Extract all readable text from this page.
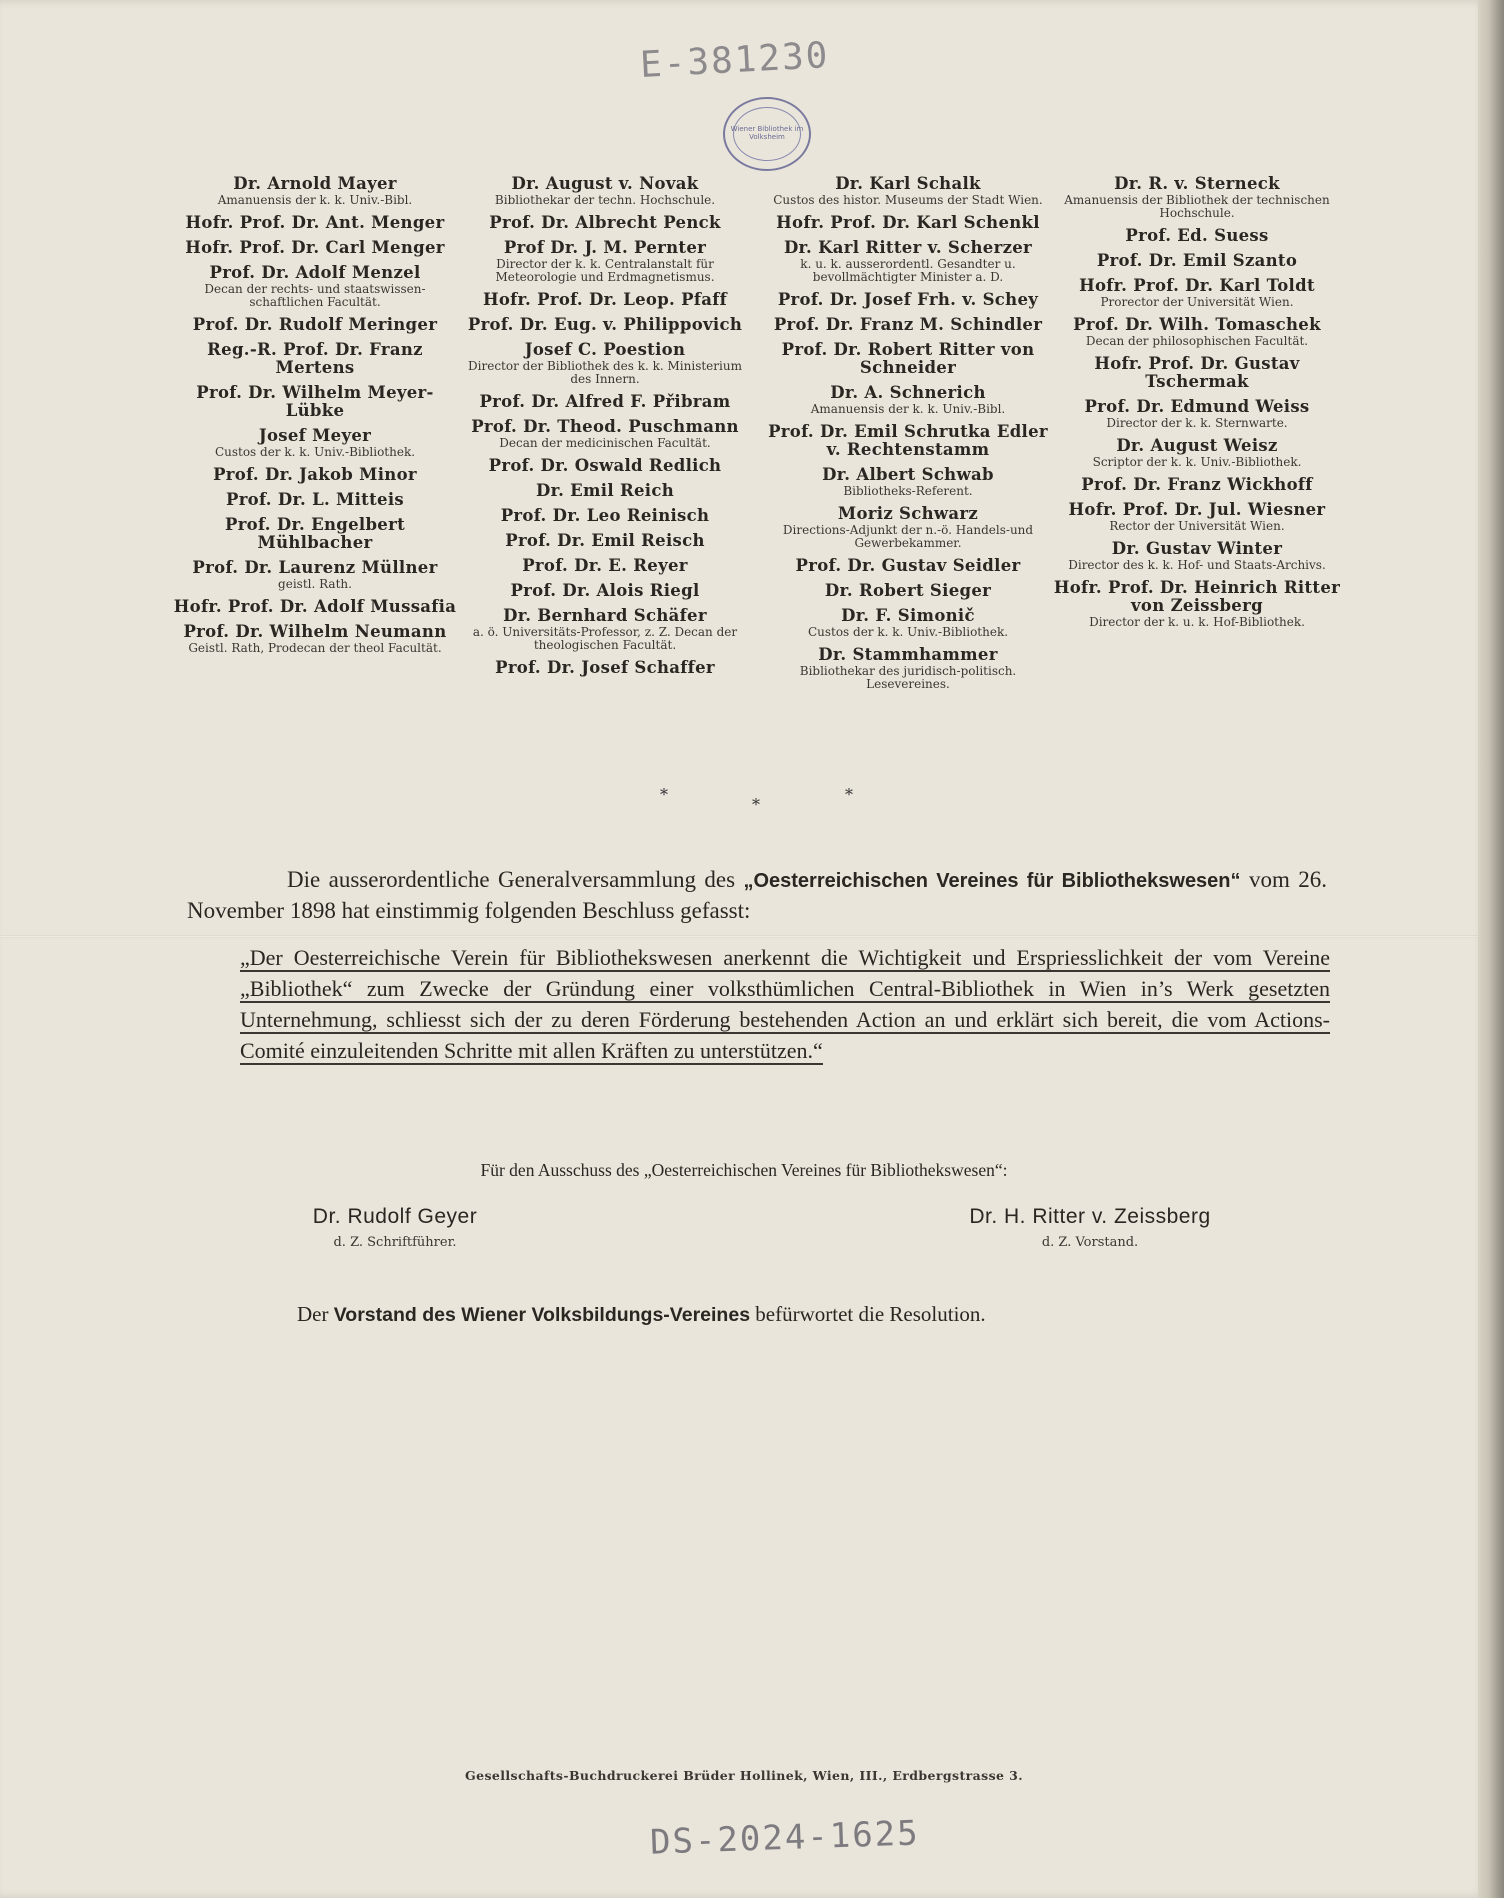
E-381230
Wiener Bibliothek im Volksheim
Dr. Arnold Mayer
Amanuensis der k. k. Univ.-Bibl.
Hofr. Prof. Dr. Ant. Menger
Hofr. Prof. Dr. Carl Menger
Prof. Dr. Adolf Menzel
Decan der rechts- und staatswissen-schaftlichen Facultät.
Prof. Dr. Rudolf Meringer
Reg.-R. Prof. Dr. Franz Mertens
Prof. Dr. Wilhelm Meyer-Lübke
Josef Meyer
Custos der k. k. Univ.-Bibliothek.
Prof. Dr. Jakob Minor
Prof. Dr. L. Mitteis
Prof. Dr. Engelbert Mühlbacher
Prof. Dr. Laurenz Müllner
geistl. Rath.
Hofr. Prof. Dr. Adolf Mussafia
Prof. Dr. Wilhelm Neumann
Geistl. Rath, Prodecan der theol Facultät.
Dr. August v. Novak
Bibliothekar der techn. Hochschule.
Prof. Dr. Albrecht Penck
Prof Dr. J. M. Pernter
Director der k. k. Centralanstalt für Meteorologie und Erdmagnetismus.
Hofr. Prof. Dr. Leop. Pfaff
Prof. Dr. Eug. v. Philippovich
Josef C. Poestion
Director der Bibliothek des k. k. Ministerium des Innern.
Prof. Dr. Alfred F. Přibram
Prof. Dr. Theod. Puschmann
Decan der medicinischen Facultät.
Prof. Dr. Oswald Redlich
Dr. Emil Reich
Prof. Dr. Leo Reinisch
Prof. Dr. Emil Reisch
Prof. Dr. E. Reyer
Prof. Dr. Alois Riegl
Dr. Bernhard Schäfer
a. ö. Universitäts-Professor, z. Z. Decan der theologischen Facultät.
Prof. Dr. Josef Schaffer
Dr. Karl Schalk
Custos des histor. Museums der Stadt Wien.
Hofr. Prof. Dr. Karl Schenkl
Dr. Karl Ritter v. Scherzer
k. u. k. ausserordentl. Gesandter u. bevollmächtigter Minister a. D.
Prof. Dr. Josef Frh. v. Schey
Prof. Dr. Franz M. Schindler
Prof. Dr. Robert Ritter von Schneider
Dr. A. Schnerich
Amanuensis der k. k. Univ.-Bibl.
Prof. Dr. Emil Schrutka Edler v. Rechtenstamm
Dr. Albert Schwab
Bibliotheks-Referent.
Moriz Schwarz
Directions-Adjunkt der n.-ö. Handels-und Gewerbekammer.
Prof. Dr. Gustav Seidler
Dr. Robert Sieger
Dr. F. Simonič
Custos der k. k. Univ.-Bibliothek.
Dr. Stammhammer
Bibliothekar des juridisch-politisch. Lesevereines.
Dr. R. v. Sterneck
Amanuensis der Bibliothek der technischen Hochschule.
Prof. Ed. Suess
Prof. Dr. Emil Szanto
Hofr. Prof. Dr. Karl Toldt
Prorector der Universität Wien.
Prof. Dr. Wilh. Tomaschek
Decan der philosophischen Facultät.
Hofr. Prof. Dr. Gustav Tschermak
Prof. Dr. Edmund Weiss
Director der k. k. Sternwarte.
Dr. August Weisz
Scriptor der k. k. Univ.-Bibliothek.
Prof. Dr. Franz Wickhoff
Hofr. Prof. Dr. Jul. Wiesner
Rector der Universität Wien.
Dr. Gustav Winter
Director des k. k. Hof- und Staats-Archivs.
Hofr. Prof. Dr. Heinrich Ritter von Zeissberg
Director der k. u. k. Hof-Bibliothek.
*
*
*
Die ausserordentliche Generalversammlung des „Oesterreichischen Vereines für Bibliothekswesen“ vom 26. November 1898 hat einstimmig folgenden Beschluss gefasst:
„Der Oesterreichische Verein für Bibliothekswesen anerkennt die Wichtigkeit und Erspriesslichkeit der vom Vereine „Bibliothek“ zum Zwecke der Gründung einer volksthümlichen Central-Bibliothek in Wien in’s Werk gesetzten Unternehmung, schliesst sich der zu deren Förderung bestehenden Action an und erklärt sich bereit, die vom Actions-Comité einzuleitenden Schritte mit allen Kräften zu unterstützen.“
Für den Ausschuss des „Oesterreichischen Vereines für Bibliothekswesen“:
Dr. Rudolf Geyer
d. Z. Schriftführer.
Dr. H. Ritter v. Zeissberg
d. Z. Vorstand.
Der Vorstand des Wiener Volksbildungs-Vereines befürwortet die Resolution.
Gesellschafts-Buchdruckerei Brüder Hollinek, Wien, III., Erdbergstrasse 3.
DS-2024-1625
